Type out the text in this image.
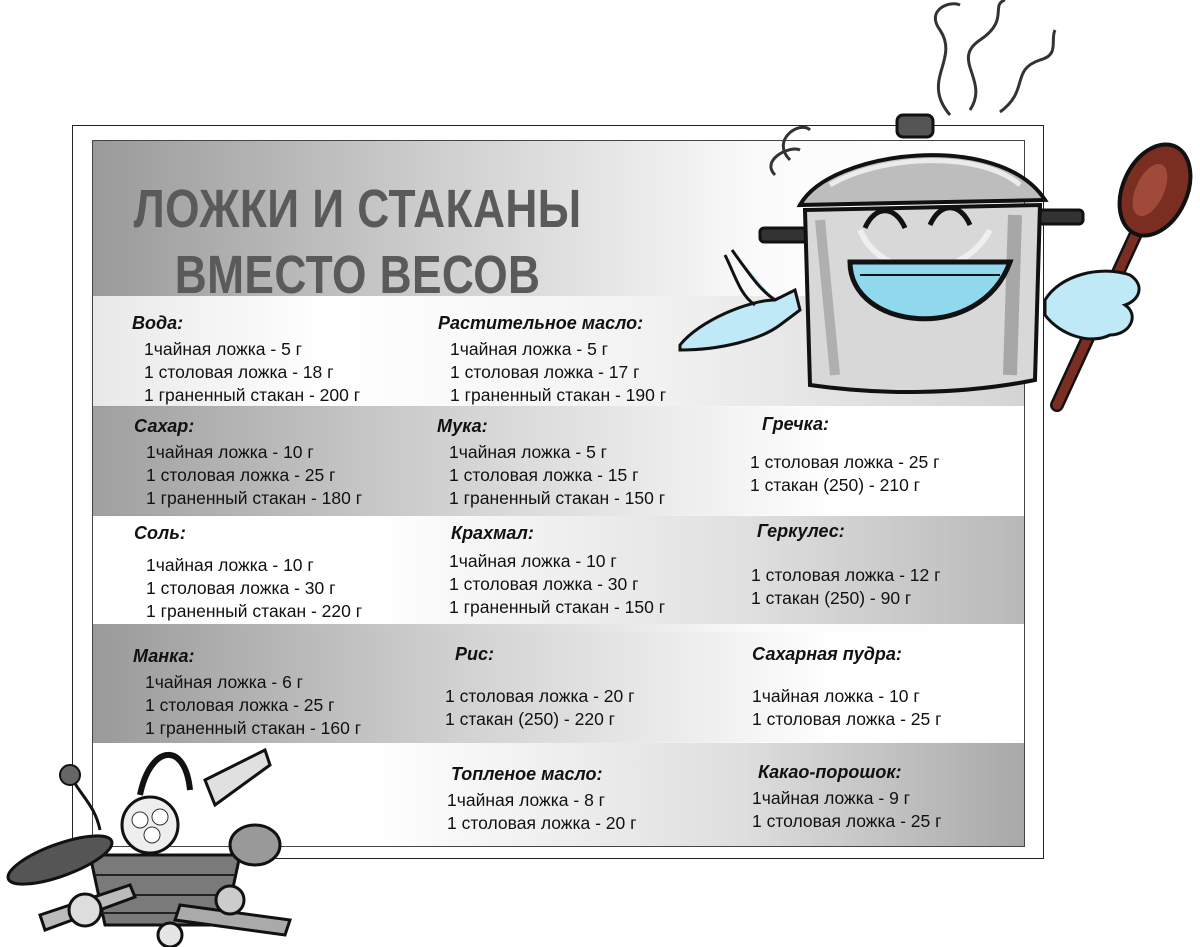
ЛОЖКИ И СТАКАНЫ
ВМЕСТО ВЕСОВ
Вода:
1чайная ложка - 5 г
1 столовая ложка - 18 г
1 граненный стакан - 200 г
Растительное масло:
1чайная ложка - 5 г
1 столовая ложка - 17 г
1 граненный стакан - 190 г
Сахар:
1чайная ложка - 10 г
1 столовая ложка - 25 г
1 граненный стакан - 180 г
Мука:
1чайная ложка - 5 г
1 столовая ложка - 15 г
1 граненный стакан - 150 г
Гречка:
1 столовая ложка - 25 г
1 стакан (250) - 210 г
Соль:
1чайная ложка - 10 г
1 столовая ложка - 30 г
1 граненный стакан - 220 г
Крахмал:
1чайная ложка - 10 г
1 столовая ложка - 30 г
1 граненный стакан - 150 г
Геркулес:
1 столовая ложка - 12 г
1 стакан (250) - 90 г
Манка:
1чайная ложка - 6 г
1 столовая ложка - 25 г
1 граненный стакан - 160 г
Рис:
1 столовая ложка - 20 г
1 стакан (250) - 220 г
Сахарная пудра:
1чайная ложка - 10 г
1 столовая ложка - 25 г
Топленое масло:
1чайная ложка - 8 г
1 столовая ложка - 20 г
Какао-порошок:
1чайная ложка - 9 г
1 столовая ложка - 25 г
